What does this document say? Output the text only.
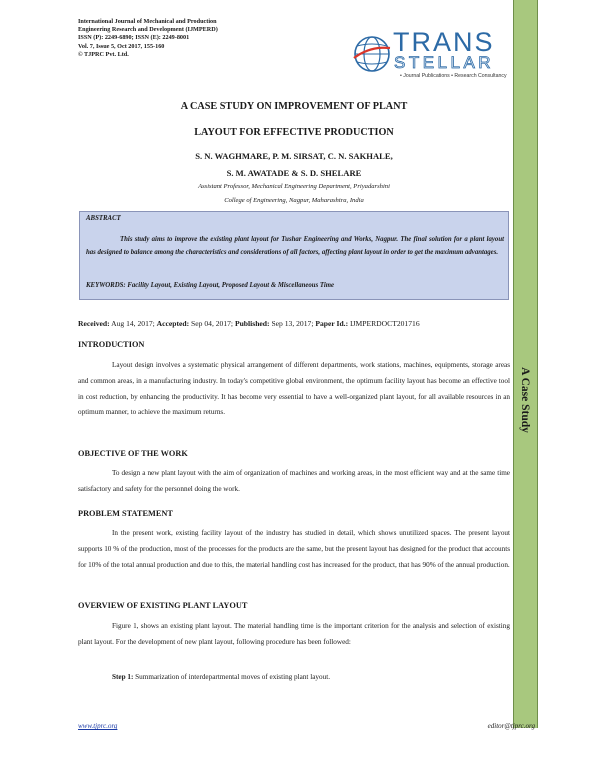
International Journal of Mechanical and Production
Engineering Research and Development (IJMPERD)
ISSN (P): 2249-6890; ISSN (E): 2249-8001
Vol. 7, Issue 5, Oct 2017, 155-160
© TJPRC Pvt. Ltd.	TRANS
STELLAR
• Journal Publications • Research Consultancy
A Case Study
A CASE STUDY ON IMPROVEMENT OF PLANT
LAYOUT FOR EFFECTIVE PRODUCTION
S. N. WAGHMARE, P. M. SIRSAT, C. N. SAKHALE,
S. M. AWATADE & S. D. SHELARE
Assistant Professor, Mechanical Engineering Department, Priyadarshini
College of Engineering, Nagpur, Maharashtra, India
ABSTRACT
This study aims to improve the existing plant layout for Tushar Engineering and Works, Nagpur. The final solution for a plant layout has designed to balance among the characteristics and considerations of all factors, affecting plant layout in order to get the maximum advantages.
KEYWORDS: Facility Layout, Existing Layout, Proposed Layout & Miscellaneous Time
Received: Aug 14, 2017; Accepted: Sep 04, 2017; Published: Sep 13, 2017; Paper Id.: IJMPERDOCT201716
INTRODUCTION
Layout design involves a systematic physical arrangement of different departments, work stations, machines, equipments, storage areas and common areas, in a manufacturing industry. In today's competitive global environment, the optimum facility layout has become an effective tool in cost reduction, by enhancing the productivity. It has become very essential to have a well-organized plant layout, for all available resources in an optimum manner, to achieve the maximum returns.
OBJECTIVE OF THE WORK
To design a new plant layout with the aim of organization of machines and working areas, in the most efficient way and at the same time satisfactory and safety for the personnel doing the work.
PROBLEM STATEMENT
In the present work, existing facility layout of the industry has studied in detail, which shows unutilized spaces. The present layout supports 10 % of the production, most of the processes for the products are the same, but the present layout has designed for the product that accounts for 10% of the total annual production and due to this, the material handling cost has increased for the product, that has 90% of the annual production.
OVERVIEW OF EXISTING PLANT LAYOUT
Figure 1, shows an existing plant layout. The material handling time is the important criterion for the analysis and selection of existing plant layout. For the development of new plant layout, following procedure has been followed:
Step 1: Summarization of interdepartmental moves of existing plant layout.
www.tjprc.org	editor@tjprc.org
